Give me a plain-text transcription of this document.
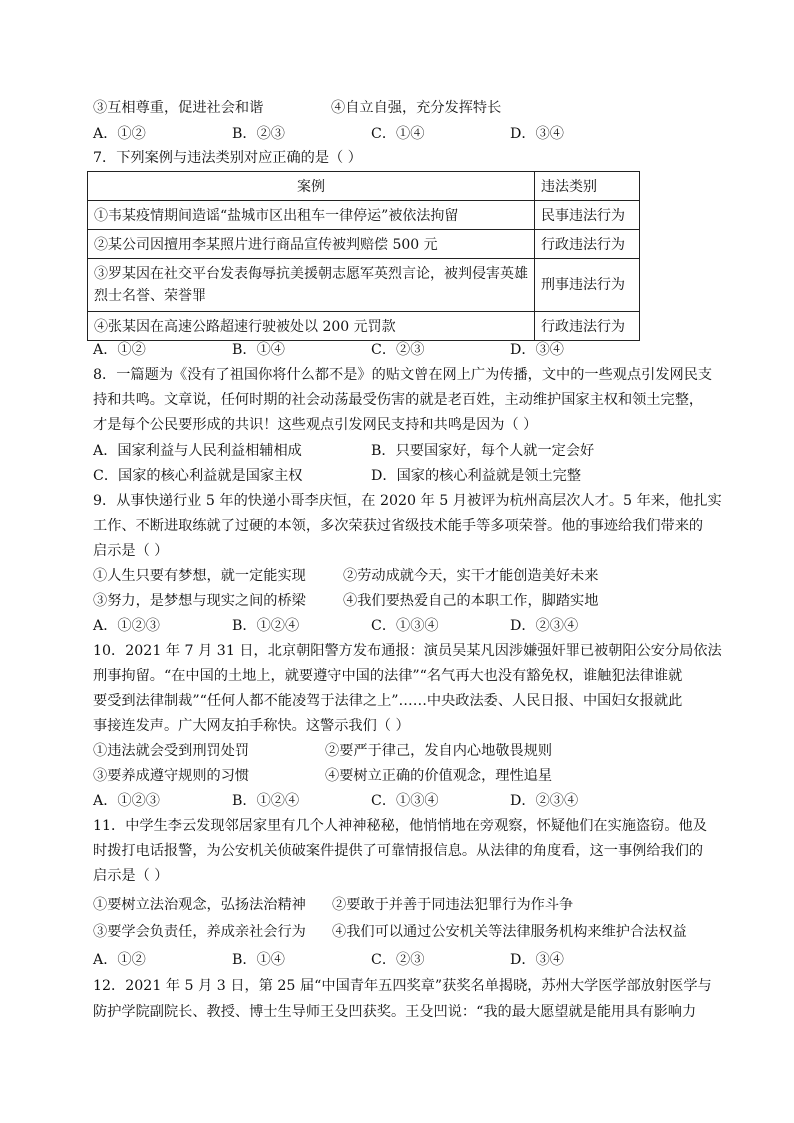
③互相尊重，促进社会和谐	④自立自强，充分发挥特长
A．①②	B．②③	C．①④	D．③④
7．下列案例与违法类别对应正确的是（ ）
案例	违法类别
①韦某疫情期间造谣“盐城市区出租车一律停运”被依法拘留	民事违法行为
②某公司因擅用李某照片进行商品宣传被判赔偿 500 元	行政违法行为

③罗某因在社交平台发表侮辱抗美援朝志愿军英烈言论，被判侵害英雄
烈士名誉、荣誉罪	刑事违法行为
④张某因在高速公路超速行驶被处以 200 元罚款	行政违法行为
A．①②	B．①④	C．②③	D．③④
8．一篇题为《没有了祖国你将什么都不是》的贴文曾在网上广为传播，文中的一些观点引发网民支
持和共鸣。文章说，任何时期的社会动荡最受伤害的就是老百姓，主动维护国家主权和领土完整，
才是每个公民要形成的共识！这些观点引发网民支持和共鸣是因为（ ）
A．国家利益与人民利益相辅相成	B．只要国家好，每个人就一定会好
C．国家的核心利益就是国家主权	D．国家的核心利益就是领土完整
9．从事快递行业 5 年的快递小哥李庆恒，在 2020 年 5 月被评为杭州高层次人才。5 年来，他扎实
工作、不断进取练就了过硬的本领，多次荣获过省级技术能手等多项荣誉。他的事迹给我们带来的
启示是（ ）
①人生只要有梦想，就一定能实现	②劳动成就今天，实干才能创造美好未来
③努力，是梦想与现实之间的桥梁	④我们要热爱自己的本职工作，脚踏实地
A．①②③	B．①②④	C．①③④	D．②③④
10．2021 年 7 月 31 日，北京朝阳警方发布通报：演员吴某凡因涉嫌强奸罪已被朝阳公安分局依法
刑事拘留。“在中国的土地上，就要遵守中国的法律”“名气再大也没有豁免权，谁触犯法律谁就
要受到法律制裁”“任何人都不能凌驾于法律之上”……中央政法委、人民日报、中国妇女报就此
事接连发声。广大网友拍手称快。这警示我们（ ）
①违法就会受到刑罚处罚	②要严于律己，发自内心地敬畏规则
③要养成遵守规则的习惯	④要树立正确的价值观念，理性追星
A．①②③	B．①②④	C．①③④	D．②③④
11．中学生李云发现邻居家里有几个人神神秘秘，他悄悄地在旁观察，怀疑他们在实施盗窃。他及
时拨打电话报警，为公安机关侦破案件提供了可靠情报信息。从法律的角度看，这一事例给我们的
启示是（ ）
①要树立法治观念，弘扬法治精神 ②要敢于并善于同违法犯罪行为作斗争
③要学会负责任，养成亲社会行为 ④我们可以通过公安机关等法律服务机构来维护合法权益
A．①②	B．①④	C．②③	D．③④
12．2021 年 5 月 3 日，第 25 届“中国青年五四奖章”获奖名单揭晓，苏州大学医学部放射医学与
防护学院副院长、教授、博士生导师王殳凹获奖。王殳凹说：“我的最大愿望就是能用具有影响力
